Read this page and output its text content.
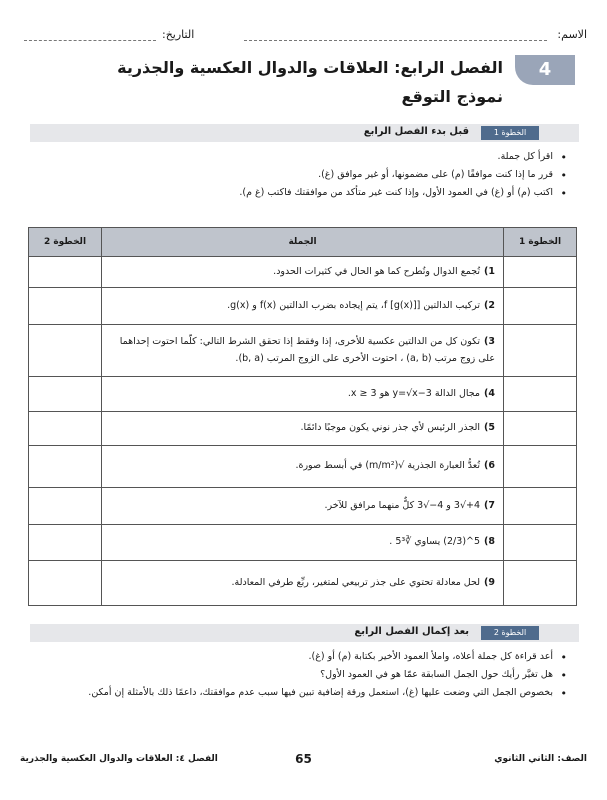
الاسم:
التاريخ:
4
الفصل الرابع: العلاقات والدوال العكسية والجذرية
نموذج التوقع
الخطوة 1
قبل بدء الفصل الرابع
• اقرأ كل جملة.
• قرر ما إذا كنت موافقًا (م) على مضمونها، أو غير موافق (غ).
• اكتب (م) أو (غ) في العمود الأول، وإذا كنت غير متأكد من موافقتك فاكتب (غ م).
الخطوة 1	الجملة	الخطوة 2
	1)تُجمع الدوال وتُطرح كما هو الحال في كثيرات الحدود.	
	2)تركيب الدالتين [f [g(x)]، يتم إيجاده بضرب الدالتين f(x) و g(x).	
	3)تكون كل من الدالتين عكسية للأخرى، إذا وفقط إذا تحقق الشرط التالي: كلّما احتوت إحداهما على زوج مرتب (a, b) ، احتوت الأخرى على الزوج المرتب (b, a).	
	4)مجال الدالة y=√x−3 هو x ≥ 3.	
	5)الجذر الرئيس لأي جذر نوني يكون موجبًا دائمًا.	
	6)تُعدُّ العبارة الجذرية √(m/m²) في أبسط صورة.	
	7)4+√3 و 4−√3 كلٌّ منهما مرافق للآخر.	
	8)5^(2/3) يساوي ∛5³ .	
	9)لحل معادلة تحتوي على جذر تربيعي لمتغير، ربِّع طرفي المعادلة.	
الخطوة 2
بعد إكمال الفصل الرابع
• أعد قراءة كل جملة أعلاه، واملأ العمود الأخير بكتابة (م) أو (غ).
• هل تغيَّر رأيك حول الجمل السابقة عمّا هو في العمود الأول؟
• بخصوص الجمل التي وضعت عليها (غ)، استعمل ورقة إضافية تبين فيها سبب عدم موافقتك، داعمًا ذلك بالأمثلة إن أمكن.
الصف: الثاني الثانوي
65
الفصل ٤: العلاقات والدوال العكسية والجذرية
